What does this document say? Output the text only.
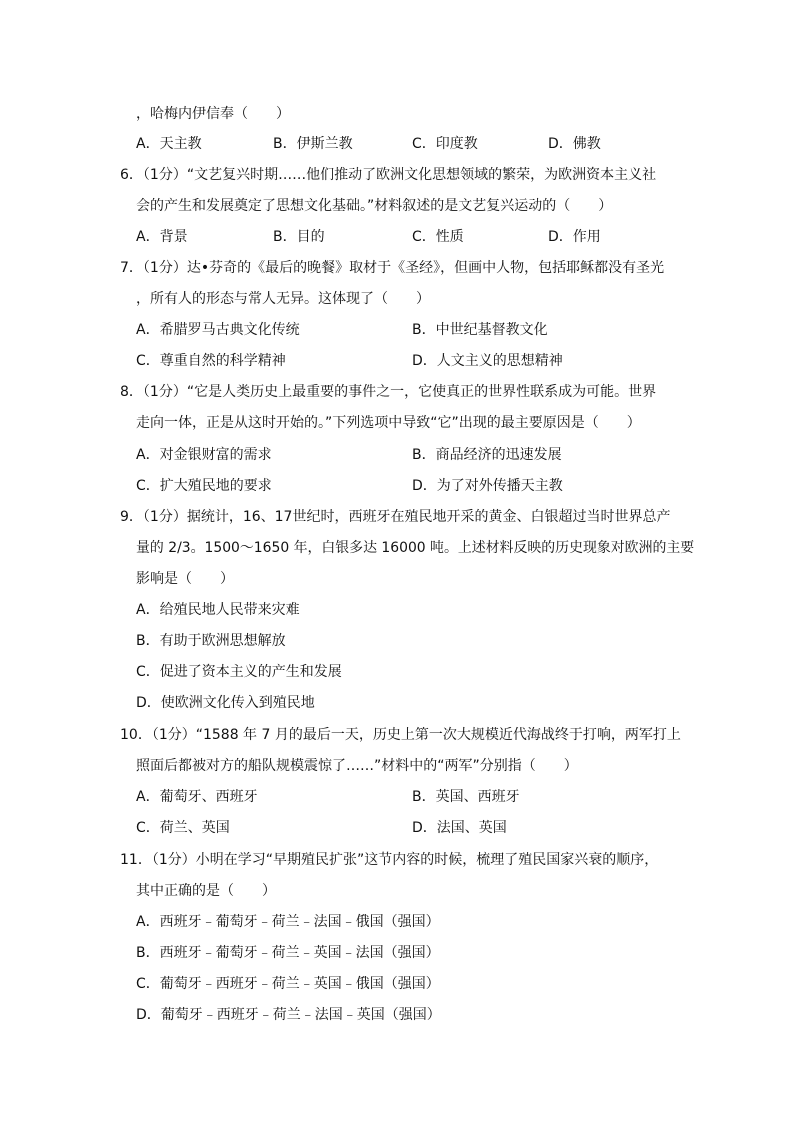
，哈梅内伊信奉（　　）
A．天主教	B．伊斯兰教	C．印度教	D．佛教
6．（1分）“文艺复兴时期……他们推动了欧洲文化思想领域的繁荣，为欧洲资本主义社
会的产生和发展奠定了思想文化基础。”材料叙述的是文艺复兴运动的（　　）
A．背景	B．目的	C．性质	D．作用
7．（1分）达•芬奇的《最后的晚餐》取材于《圣经》，但画中人物，包括耶稣都没有圣光
，所有人的形态与常人无异。这体现了（　　）
A．希腊罗马古典文化传统	B．中世纪基督教文化
C．尊重自然的科学精神	D．人文主义的思想精神
8．（1分）“它是人类历史上最重要的事件之一，它使真正的世界性联系成为可能。世界
走向一体，正是从这时开始的。”下列选项中导致“它”出现的最主要原因是（　　）
A．对金银财富的需求	B．商品经济的迅速发展
C．扩大殖民地的要求	D．为了对外传播天主教
9．（1分）据统计，16、17世纪时，西班牙在殖民地开采的黄金、白银超过当时世界总产
量的 2/3。1500～1650 年，白银多达 16000 吨。上述材料反映的历史现象对欧洲的主要
影响是（　　）
A．给殖民地人民带来灾难
B．有助于欧洲思想解放
C．促进了资本主义的产生和发展
D．使欧洲文化传入到殖民地
10．（1分）“1588 年 7 月的最后一天，历史上第一次大规模近代海战终于打响，两军打上
照面后都被对方的船队规模震惊了……”材料中的“两军”分别指（　　）
A．葡萄牙、西班牙	B．英国、西班牙
C．荷兰、英国	D．法国、英国
11．（1分）小明在学习“早期殖民扩张”这节内容的时候，梳理了殖民国家兴衰的顺序，
其中正确的是（　　）
A．西班牙﹣葡萄牙﹣荷兰﹣法国﹣俄国（强国）
B．西班牙﹣葡萄牙﹣荷兰﹣英国﹣法国（强国）
C．葡萄牙﹣西班牙﹣荷兰﹣英国﹣俄国（强国）
D．葡萄牙﹣西班牙﹣荷兰﹣法国﹣英国（强国）
